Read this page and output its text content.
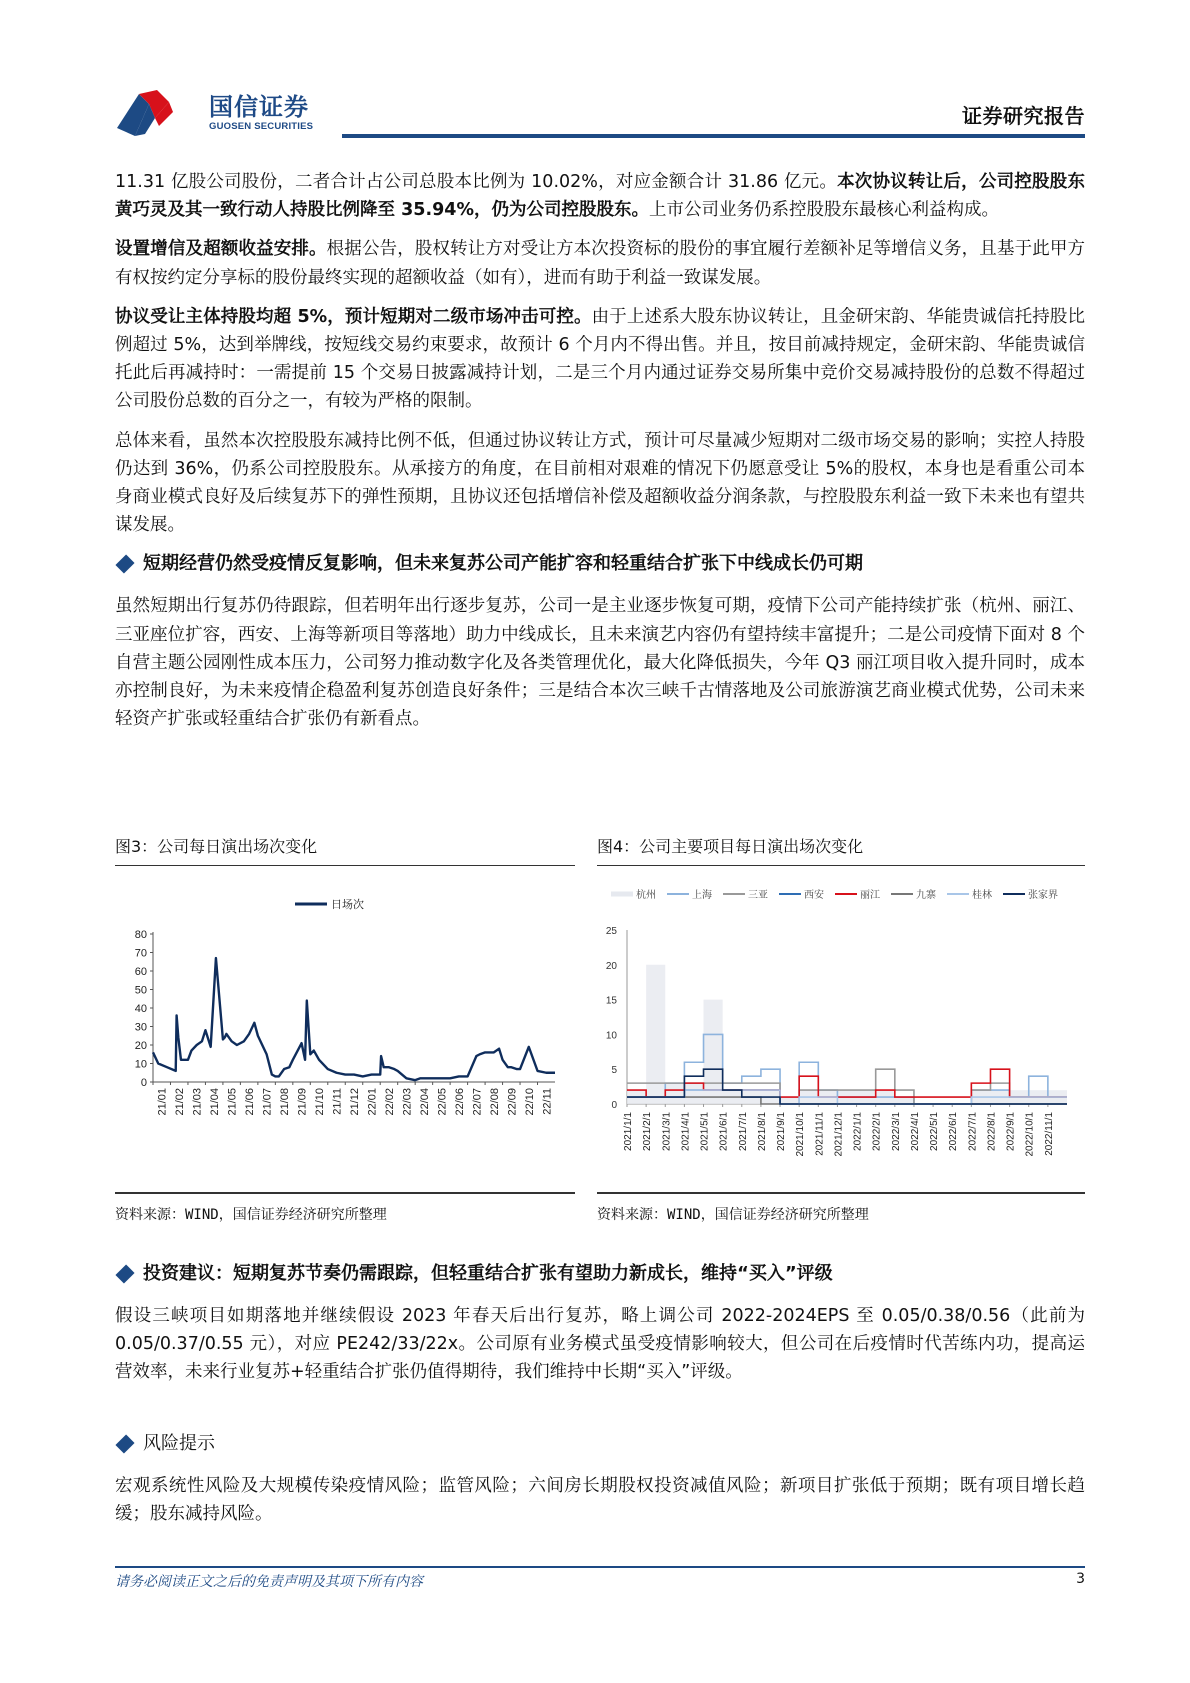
国信证券
GUOSEN SECURITIES	证券研究报告

11.31 亿股公司股份，二者合计占公司总股本比例为 10.02%，对应金额合计 31.86 亿元。本次协议转让后，公司控股股东黄巧灵及其一致行动人持股比例降至 35.94%，仍为公司控股股东。上市公司业务仍系控股股东最核心利益构成。

设置增信及超额收益安排。根据公告，股权转让方对受让方本次投资标的股份的事宜履行差额补足等增信义务，且基于此甲方有权按约定分享标的股份最终实现的超额收益（如有），进而有助于利益一致谋发展。

协议受让主体持股均超 5%，预计短期对二级市场冲击可控。由于上述系大股东协议转让，且金研宋韵、华能贵诚信托持股比例超过 5%，达到举牌线，按短线交易约束要求，故预计 6 个月内不得出售。并且，按目前减持规定，金研宋韵、华能贵诚信托此后再减持时：一需提前 15 个交易日披露减持计划，二是三个月内通过证券交易所集中竞价交易减持股份的总数不得超过公司股份总数的百分之一，有较为严格的限制。

总体来看，虽然本次控股股东减持比例不低，但通过协议转让方式，预计可尽量减少短期对二级市场交易的影响；实控人持股仍达到 36%，仍系公司控股股东。从承接方的角度，在目前相对艰难的情况下仍愿意受让 5%的股权，本身也是看重公司本身商业模式良好及后续复苏下的弹性预期，且协议还包括增信补偿及超额收益分润条款，与控股股东利益一致下未来也有望共谋发展。

短期经营仍然受疫情反复影响，但未来复苏公司产能扩容和轻重结合扩张下中线成长仍可期

虽然短期出行复苏仍待跟踪，但若明年出行逐步复苏，公司一是主业逐步恢复可期，疫情下公司产能持续扩张（杭州、丽江、三亚座位扩容，西安、上海等新项目等落地）助力中线成长，且未来演艺内容仍有望持续丰富提升；二是公司疫情下面对 8 个自营主题公园刚性成本压力，公司努力推动数字化及各类管理优化，最大化降低损失，今年 Q3 丽江项目收入提升同时，成本亦控制良好，为未来疫情企稳盈利复苏创造良好条件；三是结合本次三峡千古情落地及公司旅游演艺商业模式优势，公司未来轻资产扩张或轻重结合扩张仍有新看点。

图3：公司每日演出场次变化
日场次
0
10
20
30
40
50
60
70
80
21/01 21/02 21/03 21/04 21/05 21/06 21/07 21/08 21/09 21/10 21/11 21/12 22/01 22/02 22/03 22/04 22/05 22/06 22/07 22/08 22/09 22/10 22/11
资料来源：WIND，国信证券经济研究所整理
图4：公司主要项目每日演出场次变化
杭州	上海	三亚	西安	丽江	九寨	桂林	张家界
0
5
10
15
20
25
2021/1/1 2021/2/1 2021/3/1 2021/4/1 2021/5/1 2021/6/1 2021/7/1 2021/8/1 2021/9/1 2021/10/1 2021/11/1 2021/12/1 2022/1/1 2022/2/1 2022/3/1 2022/4/1 2022/5/1 2022/6/1 2022/7/1 2022/8/1 2022/9/1 2022/10/1 2022/11/1
资料来源：WIND，国信证券经济研究所整理
投资建议：短期复苏节奏仍需跟踪，但轻重结合扩张有望助力新成长，维持“买入”评级

假设三峡项目如期落地并继续假设 2023 年春天后出行复苏，略上调公司 2022-2024EPS 至 0.05/0.38/0.56（此前为 0.05/0.37/0.55 元），对应 PE242/33/22x。公司原有业务模式虽受疫情影响较大，但公司在后疫情时代苦练内功，提高运营效率，未来行业复苏+轻重结合扩张仍值得期待，我们维持中长期“买入”评级。

风险提示

宏观系统性风险及大规模传染疫情风险；监管风险；六间房长期股权投资减值风险；新项目扩张低于预期；既有项目增长趋缓；股东减持风险。

请务必阅读正文之后的免责声明及其项下所有内容	3
